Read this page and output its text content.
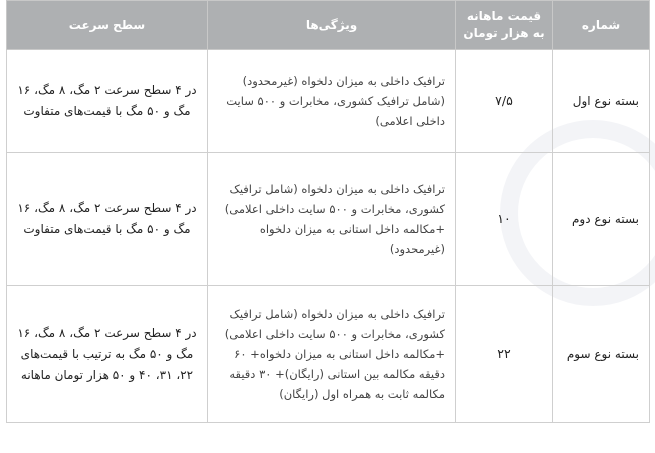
شماره	قیمت ماهانه به هزار تومان	ویژگی‌ها	سطح سرعت
بسته نوع اول	۷/۵	ترافیک داخلی به میزان دلخواه (غیرمحدود) (شامل ترافیک کشوری، مخابرات و ۵۰۰ سایت داخلی اعلامی)	در ۴ سطح سرعت ۲ مگ، ۸ مگ، ۱۶ مگ و ۵۰ مگ با قیمت‌های متفاوت
بسته نوع دوم	۱۰	ترافیک داخلی به میزان دلخواه (شامل ترافیک کشوری، مخابرات و ۵۰۰ سایت داخلی اعلامی) +مکالمه داخل استانی به میزان دلخواه (غیرمحدود)	در ۴ سطح سرعت ۲ مگ، ۸ مگ، ۱۶ مگ و ۵۰ مگ با قیمت‌های متفاوت
بسته نوع سوم	۲۲	ترافیک داخلی به میزان دلخواه (شامل ترافیک کشوری، مخابرات و ۵۰۰ سایت داخلی اعلامی) +مکالمه داخل استانی به میزان دلخواه+ ۶۰ دقیقه مکالمه بین استانی (رایگان)+ ۳۰ دقیقه مکالمه ثابت به همراه اول (رایگان)	در ۴ سطح سرعت ۲ مگ، ۸ مگ، ۱۶ مگ و ۵۰ مگ به ترتیب با قیمت‌های ۲۲، ۳۱، ۴۰ و ۵۰ هزار تومان ماهانه
